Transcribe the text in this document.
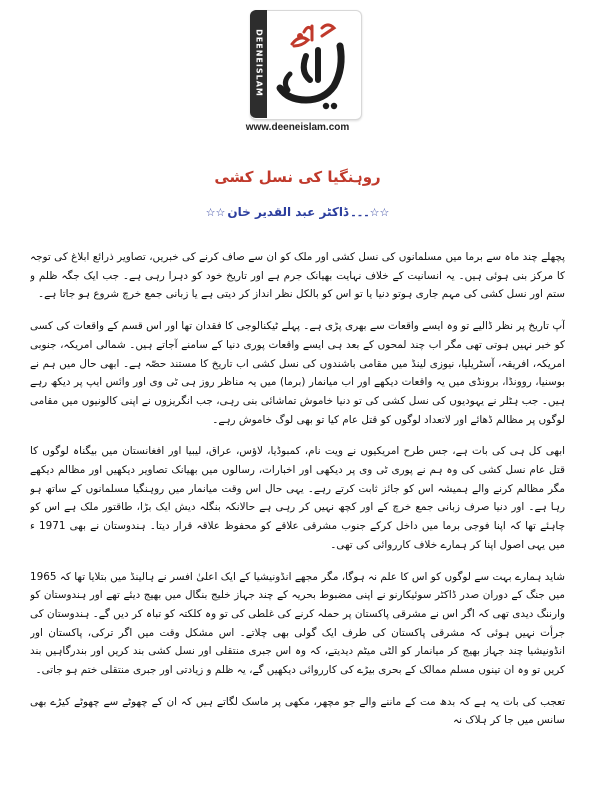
DEENEISLAM
www.deeneislam.com
روہنگیا کی نسل کشی
☆☆۔۔۔ڈاکٹر عبد القدیر خان☆☆

پچھلے چند ماہ سے برما میں مسلمانوں کی نسل کشی اور ملک کو ان سے صاف کرنے کی خبریں، تصاویر ذرائع ابلاغ کی توجہ کا مرکز بنی ہوئی ہیں۔ یہ انسانیت کے خلاف نہایت بھیانک جرم ہے اور تاریخ خود کو دہرا رہی ہے۔ جب ایک جگہ ظلم و ستم اور نسل کشی کی مہم جاری ہوتو دنیا یا تو اس کو بالکل نظر انداز کر دیتی ہے یا زبانی جمع خرچ شروع ہو جاتا ہے۔

آپ تاریخ پر نظر ڈالیے تو وہ ایسے واقعات سے بھری پڑی ہے۔ پہلے ٹیکنالوجی کا فقدان تھا اور اس قسم کے واقعات کی کسی کو خبر نہیں ہوتی تھی مگر اب چند لمحوں کے بعد ہی ایسے واقعات پوری دنیا کے سامنے آجاتے ہیں۔ شمالی امریکہ، جنوبی امریکہ، افریقہ، آسٹریلیا، نیوزی لینڈ میں مقامی باشندوں کی نسل کشی اب تاریخ کا مستند حصّہ ہے۔ ابھی حال میں ہم نے بوسنیا، روونڈا، برونڈی میں یہ واقعات دیکھے اور اب میانمار (برما) میں یہ مناظر روز ہی ٹی وی اور وائس ایپ پر دیکھ رہے ہیں۔ جب ہٹلر نے یہودیوں کی نسل کشی کی تو دنیا خاموش تماشائی بنی رہی، جب انگریزوں نے اپنی کالونیوں میں مقامی لوگوں پر مظالم ڈھائے اور لاتعداد لوگوں کو قتل عام کیا تو بھی لوگ خاموش رہے۔

ابھی کل ہی کی بات ہے، جس طرح امریکیوں نے ویت نام، کمبوڈیا، لاؤس، عراق، لیبیا اور افغانستان میں بیگناہ لوگوں کا قتل عام نسل کشی کی وہ ہم نے پوری ٹی وی پر دیکھی اور اخبارات، رسالوں میں بھیانک تصاویر دیکھیں اور مظالم دیکھے مگر مظالم کرنے والے ہمیشہ اس کو جائز ثابت کرتے رہے۔ یہی حال اس وقت میانمار میں روہنگیا مسلمانوں کے ساتھ ہو رہا ہے۔ اور دنیا صرف زبانی جمع خرچ کے اور کچھ نہیں کر رہی ہے حالانکہ بنگلہ دیش ایک بڑا، طاقتور ملک ہے اس کو چاہئے تھا کہ اپنا فوجی برما میں داخل کرکے جنوب مشرقی علاقے کو محفوظ علاقہ قرار دیتا۔ ہندوستان نے بھی 1971 ء میں یہی اصول اپنا کر ہمارے خلاف کارروائی کی تھی۔

شاید ہمارے بہت سے لوگوں کو اس کا علم نہ ہوگا، مگر مجھے انڈونیشیا کے ایک اعلیٰ افسر نے ہالینڈ میں بتلایا تھا کہ 1965 میں جنگ کے دوران صدر ڈاکٹر سوئیکارنو نے اپنی مضبوط بحریہ کے چند جہاز خلیج بنگال میں بھیج دیئے تھے اور ہندوستان کو وارننگ دیدی تھی کہ اگر اس نے مشرقی پاکستان پر حملہ کرنے کی غلطی کی تو وہ کلکتہ کو تباہ کر دیں گے۔ ہندوستان کی جرأت نہیں ہوئی کہ مشرقی پاکستان کی طرف ایک گولی بھی چلاتے۔ اس مشکل وقت میں اگر ترکی، پاکستان اور انڈونیشیا چند جہاز بھیج کر میانمار کو الٹی میٹم دیدیتے، کہ وہ اس جبری منتقلی اور نسل کشی بند کریں اور بندرگاہیں بند کریں تو وہ ان تینوں مسلم ممالک کے بحری بیڑے کی کارروائی دیکھیں گے، یہ ظلم و زیادتی اور جبری منتقلی ختم ہو جاتی۔

تعجب کی بات یہ ہے کہ بدھ مت کے ماننے والے جو مچھر، مکھی پر ماسک لگاتے ہیں کہ ان کے چھوٹے سے چھوٹے کیڑے بھی سانس میں جا کر ہلاک نہ
